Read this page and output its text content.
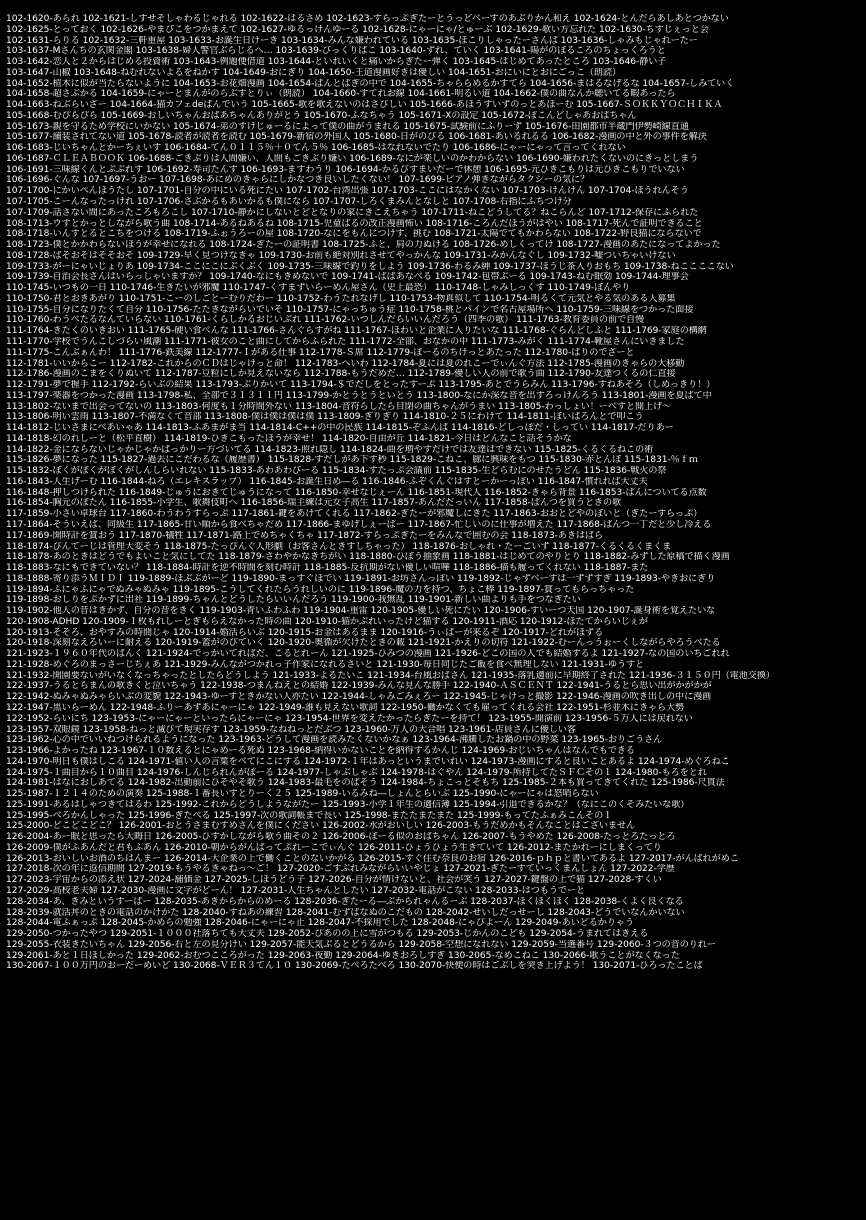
102-1620-あられ 102-1621-しすせそしゃわるじゃれる 102-1622-はるさめ 102-1623-すらっぷぎたーとうっどべーすのあぶりかん和え 102-1624-とんだらあしあとつかない
102-1625-とっておく 102-1626-やまびこをつかまえて 102-1627-ゆるっけんゆーる 102-1628-にゃーにゃ/とゅーぶ 102-1629-歌い方忘れた 102-1630-ちすじぇっと会
102-1631-らりる 102-1632-三軒重屋 103-1633-お誕生日けーき 103-1634-みんな嫌われている 103-1635-ほこりしゃったーさんぱ 103-1636-しゃみもじゃれーたー
103-1637-Mさんちの玄関金閣 103-1638-婦人警官ぶらじるへ… 103-1639-びっくりばこ 103-1640-ずれ、ていく 103-1641-陽がのぼるころのちょっくろうと
103-1642-恋人と２からはじめる投資術 103-1643-例題便借道 103-1644-といれいくと痛いからぎたー弾く 103-1645-はじめてあったところ 103-1646-静い子
103-1647-山椒 103-1648-ねむれないよるをねかす 104-1649-おにぎり 104-1650-王道漫画好きは優しい 104-1651-おにいにとおにごっこ（朗読）
104-1652-植木に似が当たらないように 104-1653-お花畑漫画 104-1654-ぱんとぱぎの中で 104-1655-ちゃららめるかすてら 104-1656-まはるなげるな 104-1657-しみていく
104-1658-超さぶかる 104-1659-にゃーとまんがのらぶすとりぃ（朗読） 104-1660-すてれお線 104-1661-明るい道 104-1662-僕の曲なんか聴いてる暇あったら
104-1663-ねぶらいざー 104-1664-猫カフェdeぱんでいう 105-1665-歌を歌えないのはさびしい 105-1666-あほうすいずのっとあほーむ 105-1667-ＳＯＫＫＹＯＣＨＩＫＡ
105-1668-むぴらぴら 105-1669-おしいちゃんおばあちゃんありがとう 105-1670-ふなちゃう 105-1671-Xの設定 105-1672-ぽこんどしゃあおばちゃん
105-1673-親を守るため学校にいかない 105-1674-弟のすけじゅーるによって僕の曲がうまれる 105-1675-試験前にふりーず 105-1676-田園都市半蔵門伊勢崎線直通
105-1677-舗装されてない道 105-1678-読者が読者を読む 105-1679-新宿の外国人 105-1680-日がのびる 106-1681-あいるれるる 106-1682-漫画の中と外の事件を解決
106-1683-じいちゃんとかーちぇいす 106-1684-てん０１１５％＋０てん５％ 106-1685-はなれないでたり 106-1686-にゃーにゃって言ってくれない
106-1687-ＣＬＥＡＢＯＯＫ 106-1688-ごきぶりは人間嫌い、人間もごきぶり嫌い 106-1689-なにが楽しいのかわからない 106-1690-嫌われたくないのにきっとしまう
106-1691-三味線くんとぶぶれす 106-1692-寿司たんす 106-1693-ますわうり 106-1694-かるびすまいだーで休憩 106-1695-元ひきこもりは元ひきこもりでいない
106-1696-ぐんな 107-1697-うおー 107-1698-あにめのきゃらにしかなつき良いしたくない！ 107-1699-ピアノ弾きながらタクシーの気に？
107-1700-にかいぺんほうたし 107-1701-自分の中にいる死にたい 107-1702-台湾出張 107-1703-ここにはなかくない 107-1703-けんけん 107-1704-ほうれんそう
107-1705-こーんなったっけれ 107-1706-さぶかるもあいかるも僕になら 107-1707-しろくまみんとなしと 107-1708-右指にふちつけ分
107-1709-話さない間にあったころもろこし 107-1710-静かにしないとどとなりの家にきこえちゃう 107-1711-ねこどうしてる？ねこらんど 107-1712-保存にふられた
108-1713-ウすとかっとしながら歌う曲 108-1714-あるねあるね 108-1715-児童ばるの改正漫画怖い 108-1716-ころんだほうがはやい 108-1717-死んで証明できること
108-1718-いんすとるとこちをつける 108-1719-ふぉうろーの屋 108-1720-なにをもんにつけす、挑む 108-1721-太陽でてもかわらない 108-1722-野良猫にならないで
108-1723-僕とかかわらないほうが幸せになれる 108-1724-ぎたーの証明書 108-1725-ふと、肩の力ぬける 108-1726-めしくってけ 108-1727-漫画のあたになってよかった
108-1728-ばそおそはそそおそ 109-1729-早く見つけなきゃ 109-1730-お前も絶対別れさせてやっかんな 109-1731-みかんなぐし 109-1732-嘘ついちゃいけない
109-1733-がーにゃいじょりあ 109-1734-ここにこにぶくぶく 109-1735-三味線で釣りをしよう 109-1736-わるみ紳 109-1737-ほうじ茶入りおもち 109-1738-ねここここない
109-1739-自治会長さんはいらっしゃいますか？ 109-1740-なにもきめないで 109-1741-ばばあなべる 109-1742-包帯ぶーる 109-1743-ねむ眠効 109-1744-理事会
110-1745-いつもの一日 110-1746-生きたいが邪魔 110-1747-くすまずいらーめん屋さん（史上最恐） 110-1748-しゃみしっくす 110-1749-ぼんやり
110-1750-君とおきあがり 110-1751-こーのしごとーむりだわー 110-1752-わうたれなげし 110-1753-物真似して 110-1754-明るくて元気とやる気のある人募集
110-1755-自分になりたくて自分 110-1756-たたきながらいでいそ 110-1757-にゃっちゅう症 110-1758-桃とパインで名古屋場所へ 110-1759-三味線をつかった面接
110-1760-わうべたるなんていらない 110-1761-くらしかるおじいぶれ 111-1762-いつしんだらいいんだろう（四季の歌） 111-1763-教育委員の前で自慢
111-1764-きたくのいきおい 111-1765-硬い食べんな 111-1766-さんぐらすがね 111-1767-ほわいと企業に入りたいな 111-1768-ぐらんどしふと 111-1769-家庭の構網
111-1770-学校でうんこしづらい風潮 111-1771-彼女のこと曲にしてからふられた 111-1772-全部、おなかの中 111-1773-みがく 111-1774-靴屋さんにいきました
111-1775-こんぶぁんわ！ 111-1776-鉄美線 112-1777-Ｉがある仕事 112-1778-Ｓ席 112-1779-ぼーるのちけっとあたった 112-1780-ばりのでざーと
112-1781-いいからこー 112-1782-これからのＣＤはじゃけっと命！ 112-1783-へいわ 112-1784-夏には夏のれこーでぃんぐ方法 112-1785-漫画のきゃらの大移動
112-1786-漫画のこまをくりぬいて 112-1787-豆粒にしか見えないなら 112-1788-もうだめだ… 112-1789-優しい人の前で歌う曲 112-1790-友達つくるの仁直接
112-1791-夢で握手 112-1792-らいぶの結果 113-1793-ぶりかいて 113-1794-＄でだしをとったすーぷ 113-1795-あとでうらみん 113-1796-すねあそろ（しめっきり！）
113-1797-楽器をつかった漫画 113-1798-私、全部で３１３１１円 113-1799-かとうとうといとう 113-1800-なにか深な音を出すろっけんろう 113-1801-漫画を夏ばて中
113-1802-ないまで出会ってないの 113-1803-何度も１分時間外ない 113-1804-音符らしたら目閉の曲ちゃんがうまい 113-1805-わっしょい！ーべすと開上げ～
113-1806-明い雲雨 113-1807-不満なくて音部 113-1808-僕は僕は僕は僕 113-1809-ぎりぎり 114-1810-２５にわけて 114-1811-ぼいぱろんとで叩こう
114-1812-じいさまにべあいゃあ 114-1813-ふあまがま当 114-1814-C++の中の民族 114-1815-ぞふんば 114-1816-どしっぽだ・しってい 114-1817-だりあー
114-1818-幻のれしーと（松平直樹） 114-1819-ひきこもったほうが幸せ！ 114-1820-自由が丘 114-1821-今日はどんなこと話そうかな
114-1822-金にならないじゃかじゃかぱっかりー方づいてる 114-1823-照れ隠し 114-1824-曲を増やすだけでは友達はできない 115-1825-くるくるねこの術
115-1826-夢になった 115-1827-過去にこだわるな（履歴書） 115-1828-すだしがあ下す秒 115-1829-こねこ、廊に興味をもつ 115-1830-赤とんぼ 115-1831-％ｆｍ
115-1832-ぼくがぼくがぼくがしんしらいれない 115-1833-あわあわびーる 115-1834-すたっぷ会議前 115-1835-生どらむにのせたうどん 115-1836-戦火の祭
116-1843-人生げーむ 116-1844-ねろ（エレキスラップ） 116-1845-お誕生日め―る 116-1846-ふぞくんぐはすとーかーっぽい 116-1847-慣れれば大丈夫
116-1848-押しつけられた 116-1849-じゅうにおきてじゅうになって 116-1850-幸せなじぇーん 116-1851-現代人 116-1852-きゃら背景 116-1853-ぱんについてる点数
116-1854-胸元のぼたん 116-1855-小学生、歌舞伎町へ 116-1856-瑞主練は元女子高生 117-1857-あんだだっいん 117-1858-ぱんつを買うときの歌
117-1859-小さい卓球台 117-1860-わうわうすらっぷ 117-1861-鍵をあけてくれる 117-1862-ぎたーが邪魔しにきた 117-1863-おおとどやのぼいと（ぎたーすらっぷ）
117-1864-そういえば、同級生 117-1865-甘い順から食べちゃだめ 117-1866-まゆげしぇーぱー 117-1867-忙しいのに仕事が増えた 117-1868-ぱんつ一丁だと少し冷える
117-1869-開時計を賞おう 117-1870-犠牲 117-1871-路上でめちゃくちゃ 117-1872-すらっぷぎたーをみんなで囲むの会 118-1873-あきはばら
118-1874-びんてーじは管理大変そう 118-1875-たっぴんぐ人形劇（お客さんときすしちゃった） 118-1876-おしゃれ・たーごいず 118-1877-くるくるくまくま
118-1878-あのときはどうでもよいこと気にしてた 118-1879-さわやかなきちがい 118-1880-ひぼう抽象画 118-1881-はじめてのやりとり 118-1882-みずした原稿で描く漫画
118-1883-なにもできていない？ 118-1884-時計を逆不時間を刻む時計 118-1885-反抗期がない優しい喧嘩 118-1886-描も履ってくれない 118-1887-また
118-1888-寄り添うＭＩＤＩ 119-1889-ほぶぶがーど 119-1890-まっすぐほでい 119-1891-お坊さんっぽい 119-1892-じゃずべーすは一ずずすぎ 119-1893-やきおにぎり
119-1894-ふにゃふにゃでぬみゃぬみゃ 119-1895-こうしてくれたらうれしいのに 119-1896-魔の力を持つ、ちょこ棒 119-1897-賞ってもらっちゃった
119-1898-おしりをぷかずに出社 119-1899-ちゃんとどうしたらいいんだろう 119-1900-我無乱 119-1901-新しい曲よりも手をつなぎたい
119-1902-他人の昔はきかず、自分の昔をきく 119-1903-青いふわふわ 119-1904-重雷 120-1905-優しい死にたい 120-1906-すいーつ天国 120-1907-誕身術を覚えたいな
120-1908-ADHD 120-1909-１枚もれしーとぎもらえなかった時の曲 120-1910-猫かぶれいったけど猫する 120-1911-酒応 120-1912-ほたてからいじぇが
120-1913-そそろ、おやすみの時間じゃ 120-1914-婚活らいぶ 120-1915-お金はあるまま 120-1916-うぃぱーが来るぞ 120-1917-どれがほずる
120-1918-深刻なえろいーに耐える 120-1919-蓋がのびていく 120-1920-奥循が欠けたときの載 121-1921-かえりの切符 121-1922-むーんっうぉーくしながらやろうべたる
121-1923-１９６０年代のばんく 121-1924-でっかいてればだ、こるとれーん 121-1925-ひみつの漫画 121-1926-どこの国の人でも結婚するよ 121-1927-なの国のいちごれれ
121-1928-めぐろのまっさーじちぇあ 121-1929-みんながつかれっ子作家になれるさいと 121-1930-毎日同じたご飯を食べ無理しない 121-1931-ゆうすと
121-1932-開園要ないがいなくなっちゃったとしたらどうしよう 121-1933-よるたいこ 121-1934-台風おばさん 121-1935-落乳適前に早期終了された 121-1936-３１５０円（電池交換）
122-1937-うるとらまんの歌きくと泣いちゃう 122-1938-つまんねえとの結婚 122-1939-みんな見んな勝手 122-1940-ＡＳＣＥＮＴ 122-1941-うるとら思い出がかがかが
122-1942-ぬみゃぬみゃらいぶの変貌 122-1943-ゆーすときかない人亦たい 122-1944-しゃみごみぇろー 122-1945-じゃけっと撮影 122-1946-漫画の吹き出しの中に漫画
122-1947-黒いらーめん 122-1948-ふりーあずあにゃーにゃ 122-1949-誰も見えない歌詞 122-1950-働かなくても雇ってくれる会社 122-1951-杉並木にきゃら大勢
122-1952-らいにち 123-1953-にゃーにゃーといったらにゃーにゃ 123-1954-世界を変えたかったらぎたーを持て！ 123-1955-開演前 123-1956-５万人には戻れない
123-1957-双眼鏡 123-1958-ねっと滅びて現実存す 123-1959-なねねっとだぶつ 123-1960-万人の大合唱 123-1961-店員さんに優しい客
123-1962-心の中でいいねつけられるようになった 123-1963-どうして漫画を読みたくないかなぁ 123-1964-沸騰したお鍋の中の野菜 123-1965-おりごうさん
123-1966-よかったね 123-1967-１０数えるとにゃめーる死ぬ 123-1968-納得いかないことを納得するかんじ 124-1969-おじいちゃんはなんでもできる
124-1970-明日も僕はしこる 124-1971-値い人の言葉をべてにこにする 124-1972-１年はあっというまでいれい 124-1973-漫画にすると良いことあるよ 124-1974-めぐろねこ
124-1975-１曲目から１０曲目 124-1976-しんじられんがぽーる 124-1977-しゃぶしゃぶ 124-1978-はぐやん 124-1979-所持してたＳＦＣその１ 124-1980-もろをとれ
124-1981-はなにおしあてる 124-1982-出動前にひそやそ歌う 124-1983-最毛をのばそう 124-1984-ちょこっとそもち 125-1985-２本も買ってきてくれた 125-1986-尺貫法
125-1987-１２１４のための演奏 125-1988-１番長いすとりーく２５ 125-1989-いるみね―しょんとらいぶ 125-1990-にゃーにゃは怒哨らない
125-1991-あるはしゃつきてはるわ 125-1992-これからどうしようながたー 125-1993-小学１年生の適信簿 125-1994-引退できるかな？（なにこのくそみたいな歌）
125-1995-べろかんしゃった 125-1996-ぎたべる 125-1997-次の歌詞帳まで長い 125-1998-またたまたまた 125-1999-もってたふぁみこんその１
125-2000-どこどこどこ？ 126-2001-おとうさまむすめさんを僕にください 126-2002-水がおいしい 126-2003-もうだめかもそんなことはございません
126-2004-あー眠と思ったら大晦日 126-2005-ひすかしながら歌う曲その２ 126-2006-ぼーる似のおばちゃん 126-2007-もうやめた 126-2008-たっとろたっとろ
126-2009-僕がふあんだと君もふあん 126-2010-朝からがんばってぷれーこでぃんぐ 126-2011-ひょうひょう生きていて 126-2012-またかれーにしまくってり
126-2013-おいしいお酒のちはんまー 126-2014-大企業の上で働くことのないかがる 126-2015-すぐ住む奈良のお宿 126-2016-ｐｈｐと書いてあるよ 127-2017-がんばれがめこ
127-2018-次の年に返信期間 127-2019-もうやるきゃねっ～ご！ 127-2020-ごすぶれみながらいいやじょ 127-2021-ぎたーすていっくまんしょん 127-2022-学歴
127-2023-宇宙からの添え状 127-2024-舗価金 127-2025-しほうどう子 127-2026-自分が情けないと、社会が笑う 127-2027-鍵盤の上で猫 127-2028-すくい
127-2029-高校老夫婦 127-2030-漫画に文字がどーん！ 127-2031-人生ちゃんとしたい 127-2032-電話がこない 128-2033-はつもうでーと
128-2034-あ、きみというすーぱー 128-2035-あきからからのめーる 128-2036-ぎたーる―ぶかられゃんるーぶ 128-2037-ほくほくほく 128-2038-くよく良くなる
128-2039-就活丼のときの電話のかけかた 128-2040-すねあの練習 128-2041-むずばなぬのこだもの 128-2042-せいしだっせーし 128-2043-どうでいなんかいない
128-2044-電ふぁっぷ 128-2045-かめらの勉強 128-2046-にゃーにゃ止 128-2047-不採用でした 128-2048-にゃびよーん 129-2049-あいどるかりゃう
129-2050-つかったやつ 129-2051-１０００社落ちても大丈夫 129-2052-ぴあのの上に雪がつもる 129-2053-じかんのこども 129-2054-うまれてはきえる
129-2055-衣装きたいちゃん 129-2056-右と左の見分けい 129-2057-能天気ぶるとどうるから 129-2058-空想になれない 129-2059-当選番号 129-2060-３つの音のりれー
129-2061-あと１日ほしかった 129-2062-おむつこころがった 129-2063-夜勤 129-2064-ゆきおろしすぎ 130-2065-なめこねこ 130-2066-歌うことがなくなった
130-2067-１００万円のおーだーめいど 130-2068-ＶＥＲ３てん１０ 130-2069-たべろたべろ 130-2070-快便の時はごぶしを突き上げよう！ 130-2071-ひろったことば
